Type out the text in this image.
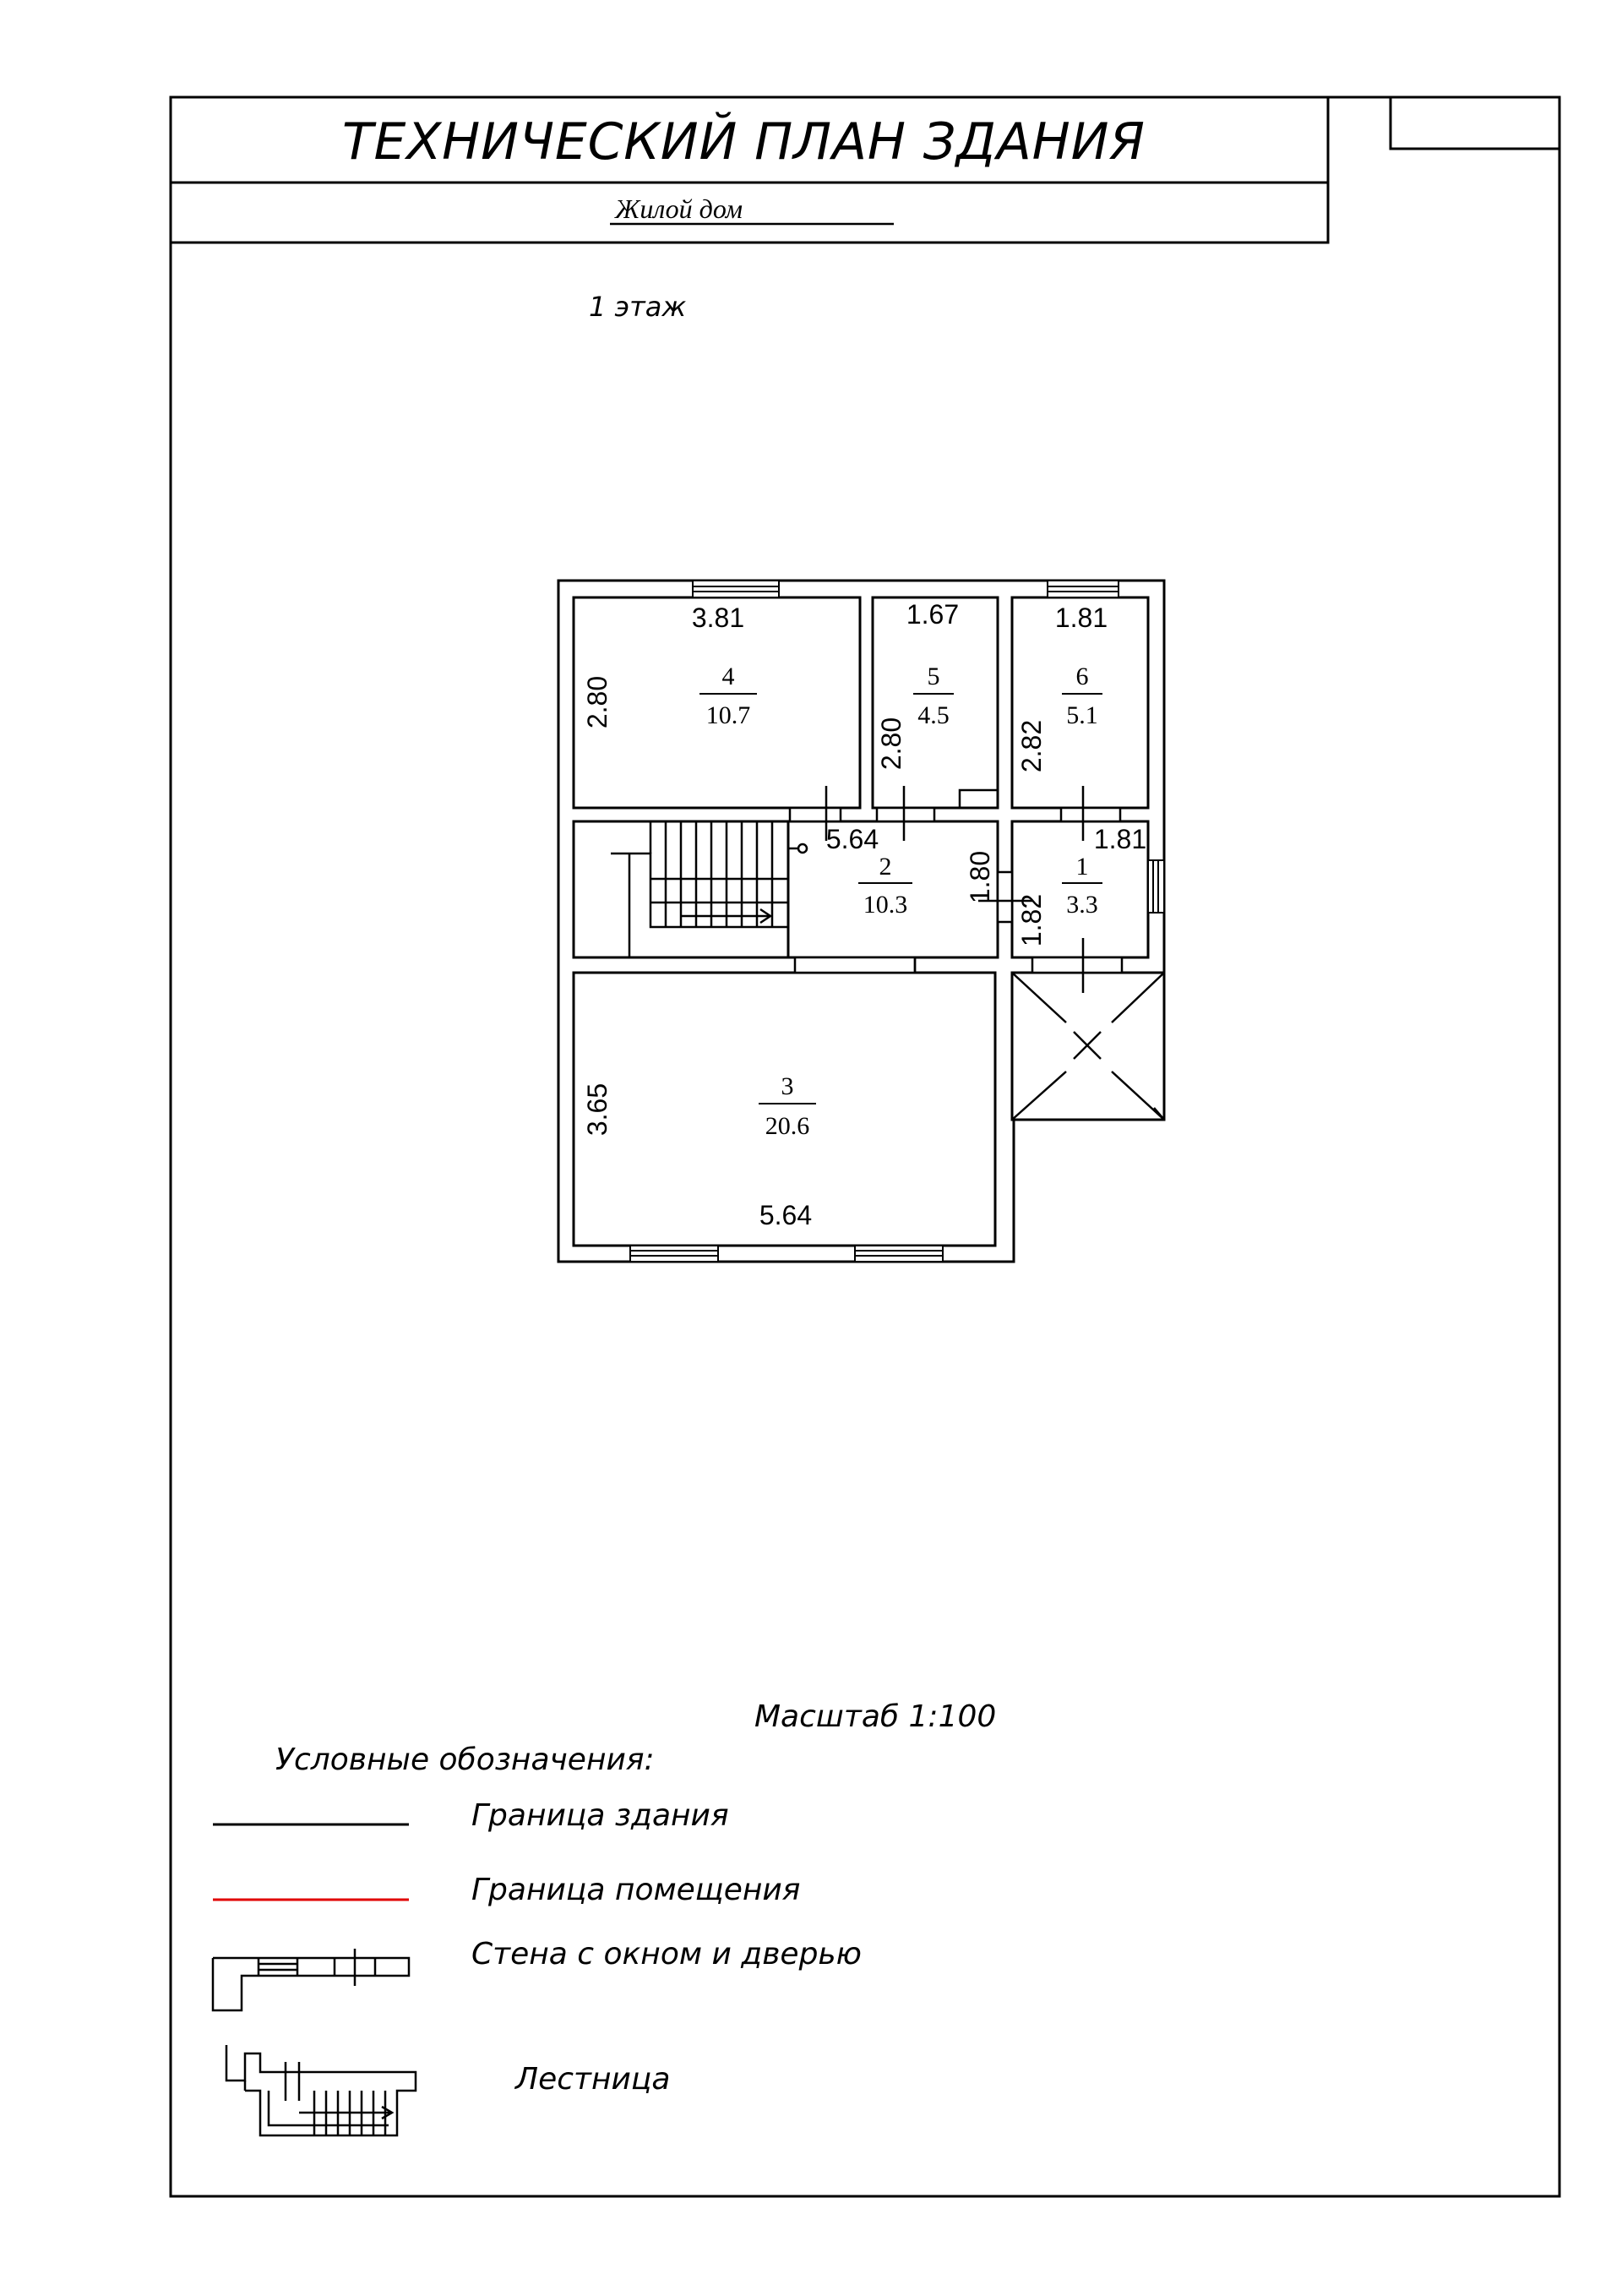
ТЕХНИЧЕСКИЙ ПЛАН ЗДАНИЯ
Жилой дом
1 этаж
4
10.7
5
4.5
6
5.1
2
10.3
1
3.3
3
20.6
3.81
2.80
1.67
2.80
1.81
2.82
5.64
1.80
1.81
1.82
5.64
3.65
Масштаб 1:100
Условные обозначения:
Граница здания
Граница помещения
Стена с окном и дверью
Лестница
